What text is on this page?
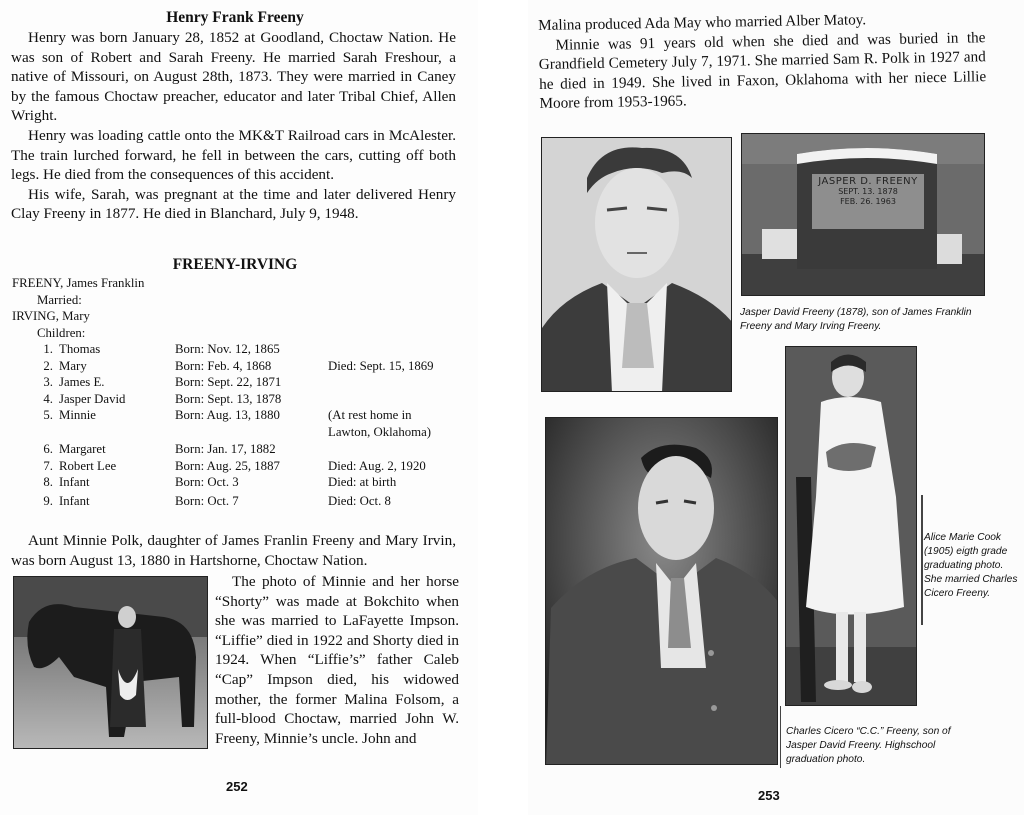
Henry Frank Freeny

Henry was born January 28, 1852 at Goodland, Choctaw Nation. He was son of Robert and Sarah Freeny. He married Sarah Freshour, a native of Missouri, on August 28th, 1873. They were married in Caney by the famous Choctaw preacher, educator and later Tribal Chief, Allen Wright.

Henry was loading cattle onto the MK&T Railroad cars in McAlester. The train lurched forward, he fell in between the cars, cutting off both legs. He died from the consequences of this accident.

His wife, Sarah, was pregnant at the time and later delivered Henry Clay Freeny in 1877. He died in Blanchard, July 9, 1948.

FREENY-IRVING
FREENY, James Franklin
Married:
IRVING, Mary
Children:
1. Thomas	Born: Nov. 12, 1865
2. Mary	Born: Feb. 4, 1868	Died: Sept. 15, 1869
3. James E.	Born: Sept. 22, 1871
4. Jasper David	Born: Sept. 13, 1878
5. Minnie	Born: Aug. 13, 1880	(At rest home in
Lawton, Oklahoma)
6. Margaret	Born: Jan. 17, 1882
7. Robert Lee	Born: Aug. 25, 1887	Died: Aug. 2, 1920
8. Infant	Born: Oct. 3	Died: at birth
9. Infant	Born: Oct. 7	Died: Oct. 8

Aunt Minnie Polk, daughter of James Franlin Freeny and Mary Irvin, was born August 13, 1880 in Hartshorne, Choctaw Nation.

The photo of Minnie and her horse “Shorty” was made at Bokchito when she was married to LaFayette Impson. “Liffie” died in 1922 and Shorty died in 1924. When “Liffie’s” father Caleb “Cap” Impson died, his widowed mother, the former Malina Folsom, a full-blood Choctaw, married John W. Freeny, Minnie’s uncle. John and

252

Malina produced Ada May who married Alber Matoy.

Minnie was 91 years old when she died and was buried in the Grandfield Cemetery July 7, 1971. She married Sam R. Polk in 1927 and he died in 1949. She lived in Faxon, Oklahoma with her niece Lillie Moore from 1953-1965.

JASPER D. FREENY
SEPT. 13. 1878
FEB. 26. 1963
Jasper David Freeny (1878), son of James Franklin Freeny and Mary Irving Freeny.
Alice Marie Cook (1905) eigth grade graduating photo. She married Charles Cicero Freeny.
Charles Cicero “C.C.” Freeny, son of Jasper David Freeny. Highschool graduation photo.
253
